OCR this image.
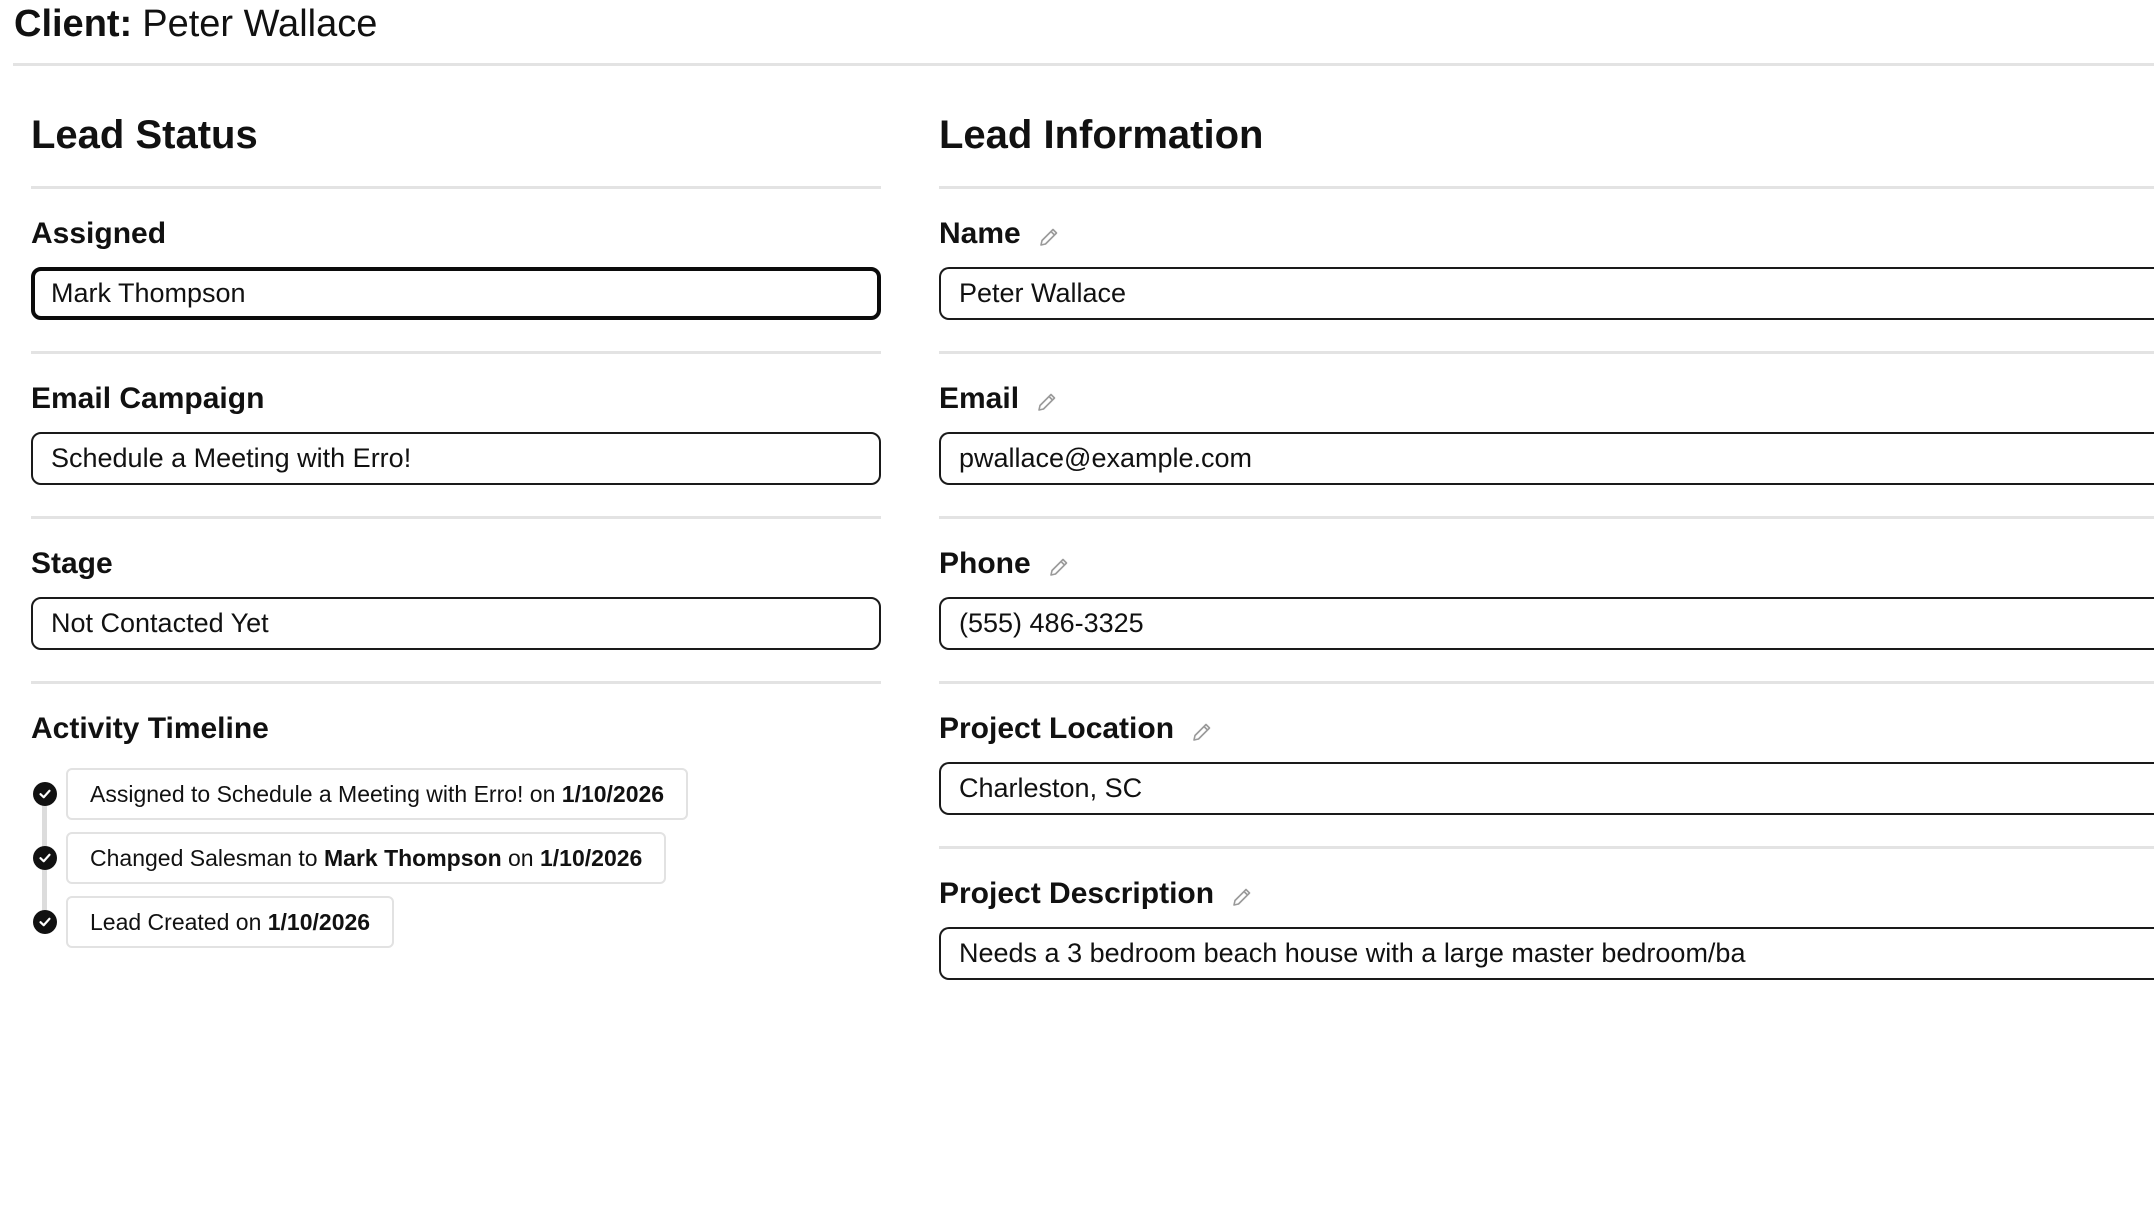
Client: Peter Wallace
Lead Status
Assigned
Mark Thompson
Email Campaign
Schedule a Meeting with Erro!
Stage
Not Contacted Yet
Activity Timeline
Assigned to Schedule a Meeting with Erro! on
1/10/2026
Changed Salesman to
Mark Thompson
on
1/10/2026
Lead Created on
1/10/2026
Lead Information
Name
Peter Wallace
Email
pwallace@example.com
Phone
(555) 486-3325
Project Location
Charleston, SC
Project Description
Needs a 3 bedroom beach house with a large master bedroom/ba
